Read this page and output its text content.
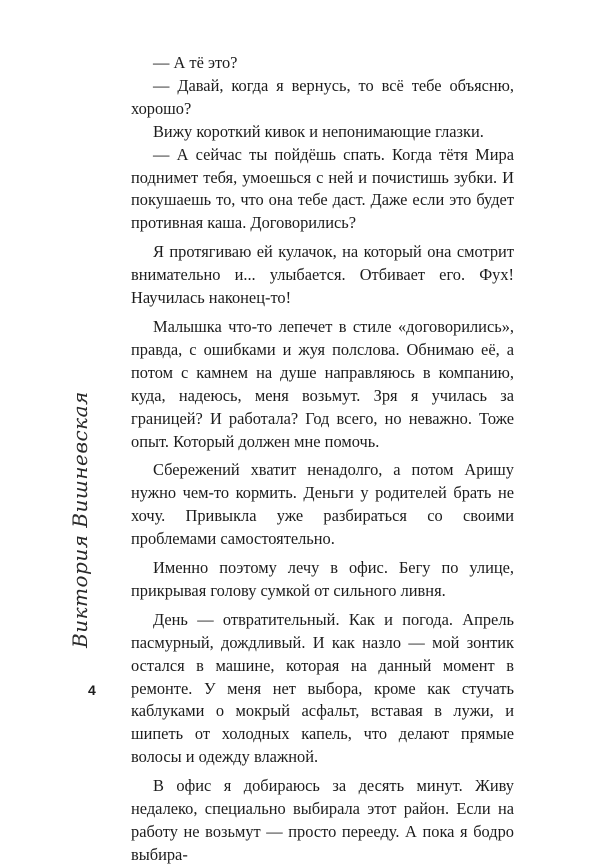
— А тё это?

— Давай, когда я вернусь, то всё тебе объясню, хорошо?

Вижу короткий кивок и непонимающие глазки.

— А сейчас ты пойдёшь спать. Когда тётя Мира поднимет тебя, умоешься с ней и почистишь зубки. И покушаешь то, что она тебе даст. Даже если это будет противная каша. Договорились?

Я протягиваю ей кулачок, на который она смотрит внимательно и... улыбается. Отбивает его. Фух! Научилась наконец-то!

Малышка что-то лепечет в стиле «договорились», правда, с ошибками и жуя полслова. Обнимаю её, а потом с камнем на душе направляюсь в компанию, куда, надеюсь, меня возьмут. Зря я училась за границей? И работала? Год всего, но неважно. Тоже опыт. Который должен мне помочь.

Сбережений хватит ненадолго, а потом Аришу нужно чем-то кормить. Деньги у родителей брать не хочу. Привыкла уже разбираться со своими проблемами самостоятельно.

Именно поэтому лечу в офис. Бегу по улице, прикрывая голову сумкой от сильного ливня.

День — отвратительный. Как и погода. Апрель пасмурный, дождливый. И как назло — мой зонтик остался в машине, которая на данный момент в ремонте. У меня нет выбора, кроме как стучать каблуками о мокрый асфальт, вставая в лужи, и шипеть от холодных капель, что делают прямые волосы и одежду влажной.

В офис я добираюсь за десять минут. Живу недалеко, специально выбирала этот район. Если на работу не возьмут — просто перееду. А пока я бодро выбира-

Виктория Вишневская
4
